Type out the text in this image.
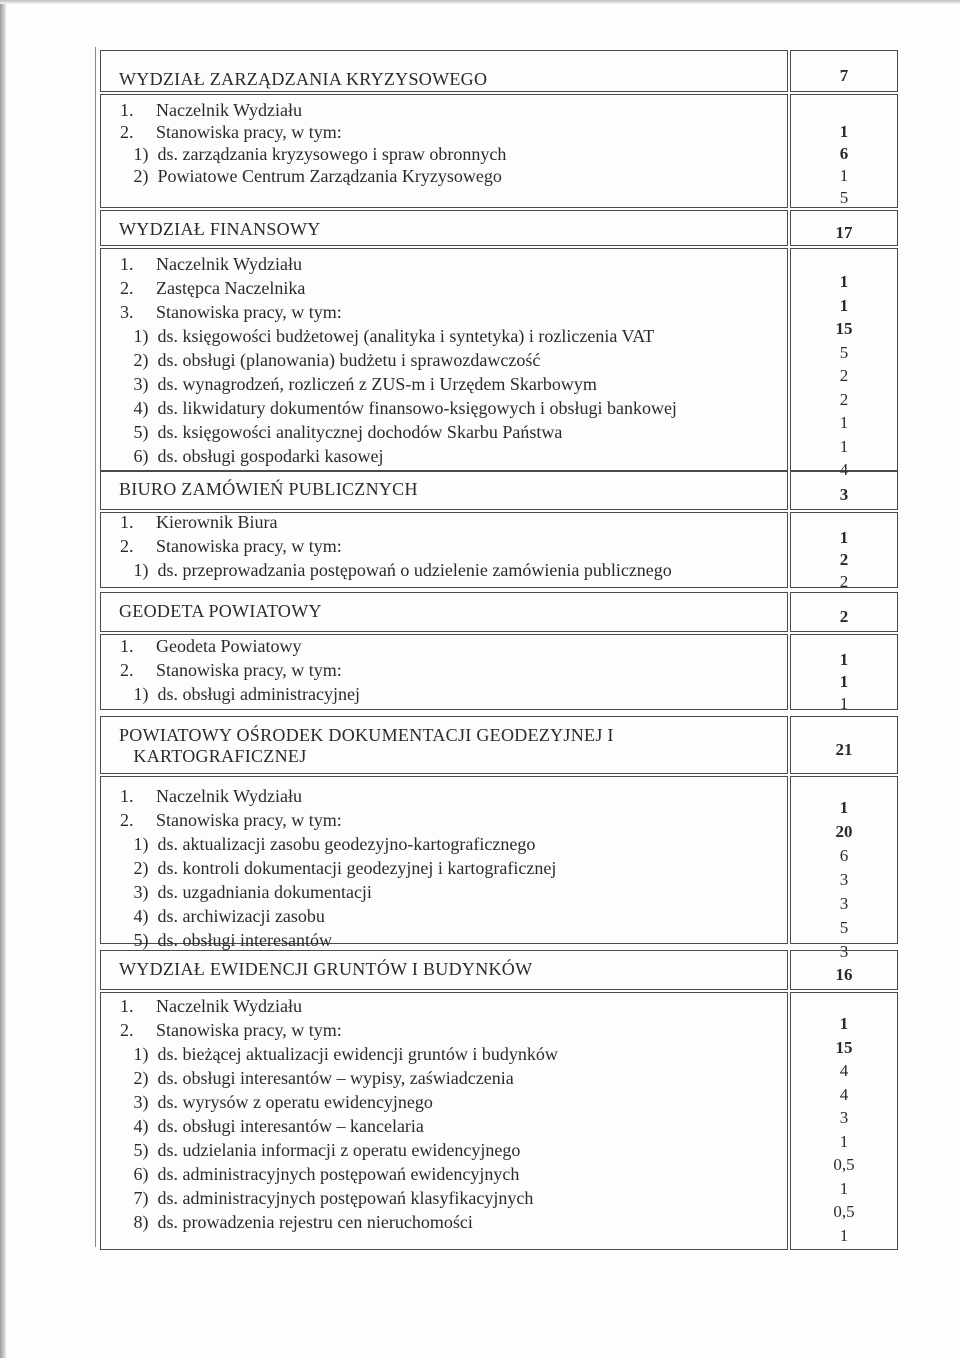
WYDZIAŁ ZARZĄDZANIA KRYZYSOWEGO	7
1.     Naczelnik Wydziału
1
2.     Stanowiska pracy, w tym:
6
1)  ds. zarządzania kryzysowego i spraw obronnych
1
2)  Powiatowe Centrum Zarządzania Kryzysowego
5
WYDZIAŁ FINANSOWY	17
1.     Naczelnik Wydziału
1
2.     Zastępca Naczelnika
1
3.     Stanowiska pracy, w tym:
15
1)  ds. księgowości budżetowej (analityka i syntetyka) i rozliczenia VAT
5
2)  ds. obsługi (planowania) budżetu i sprawozdawczość
2
3)  ds. wynagrodzeń, rozliczeń z ZUS-m i Urzędem Skarbowym
2
4)  ds. likwidatury dokumentów finansowo-księgowych i obsługi bankowej
1
5)  ds. księgowości analitycznej dochodów Skarbu Państwa
1
6)  ds. obsługi gospodarki kasowej
4
BIURO ZAMÓWIEŃ PUBLICZNYCH	3
1.     Kierownik Biura
1
2.     Stanowiska pracy, w tym:
2
1)  ds. przeprowadzania postępowań o udzielenie zamówienia publicznego
2
GEODETA POWIATOWY	2
1.     Geodeta Powiatowy
1
2.     Stanowiska pracy, w tym:
1
1)  ds. obsługi administracyjnej	1
POWIATOWY OŚRODEK DOKUMENTACJI GEODEZYJNEJ I
KARTOGRAFICZNEJ	21
1.     Naczelnik Wydziału
1
2.     Stanowiska pracy, w tym:
20
1)  ds. aktualizacji zasobu geodezyjno-kartograficznego
6
2)  ds. kontroli dokumentacji geodezyjnej i kartograficznej
3
3)  ds. uzgadniania dokumentacji
3
4)  ds. archiwizacji zasobu
5
5)  ds. obsługi interesantów
3
WYDZIAŁ EWIDENCJI GRUNTÓW I BUDYNKÓW	16
1.     Naczelnik Wydziału
1
2.     Stanowiska pracy, w tym:
15
1)  ds. bieżącej aktualizacji ewidencji gruntów i budynków
4
2)  ds. obsługi interesantów – wypisy, zaświadczenia
4
3)  ds. wyrysów z operatu ewidencyjnego
3
4)  ds. obsługi interesantów – kancelaria
1
5)  ds. udzielania informacji z operatu ewidencyjnego
0,5
6)  ds. administracyjnych postępowań ewidencyjnych
1
7)  ds. administracyjnych postępowań klasyfikacyjnych
0,5
8)  ds. prowadzenia rejestru cen nieruchomości
1
